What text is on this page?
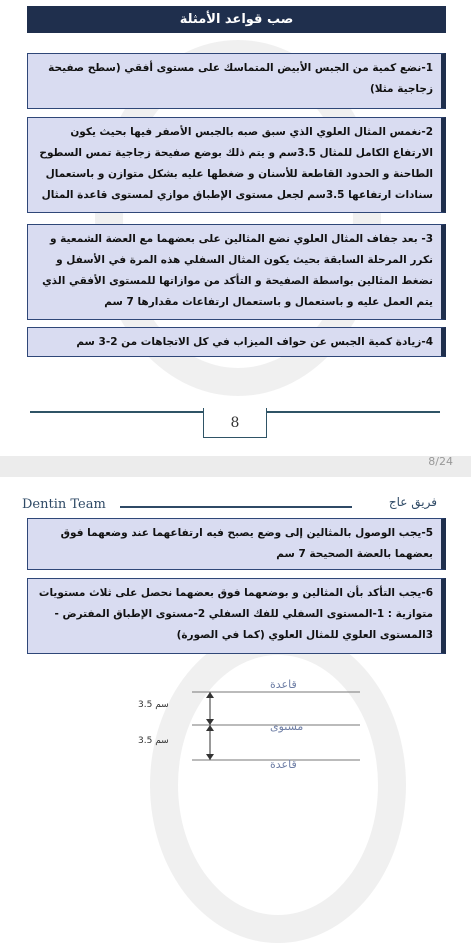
صب قواعد الأمثلة

1-نضع كمية من الجبس الأبيض المتماسك على مستوى أفقي (سطح صفيحة زجاجية مثلا)

2-نغمس المثال العلوي الذي سبق صبه بالجبس الأصفر فيها بحيث يكون الارتفاع الكامل للمثال 3.5سم و يتم ذلك بوضع صفيحة زجاجية تمس السطوح الطاحنة و الحدود القاطعة للأسنان و ضغطها عليه بشكل متوازن و باستعمال سنادات ارتفاعها 3.5سم لجعل مستوى الإطباق موازي لمستوى قاعدة المثال

3- بعد جفاف المثال العلوي نضع المثالين على بعضهما مع العضة الشمعية و نكرر المرحلة السابقة بحيث يكون المثال السفلي هذه المرة في الأسفل و نضغط المثالين بواسطة الصفيحة و التأكد من موازاتها للمستوى الأفقي الذي يتم العمل عليه و باستعمال و باستعمال ارتفاعات مقدارها 7 سم

4-زيادة كمية الجبس عن حواف الميزاب في كل الاتجاهات من 2-3 سم

8
8/24
Dentin Team	فريق عاج

5-يجب الوصول بالمثالين إلى وضع يصبح فيه ارتفاعهما عند وضعهما فوق بعضهما بالعضة الصحيحة 7 سم

6-يجب التأكد بأن المثالين و بوضعهما فوق بعضهما نحصل على ثلاث مستويات متوازية : 1-المستوى السفلي للفك السفلي 2-مستوى الإطباق المفترض - 3المستوى العلوي للمثال العلوي (كما في الصورة)

3.5 سم
3.5 سم
قاعدة
مستوى
قاعدة
